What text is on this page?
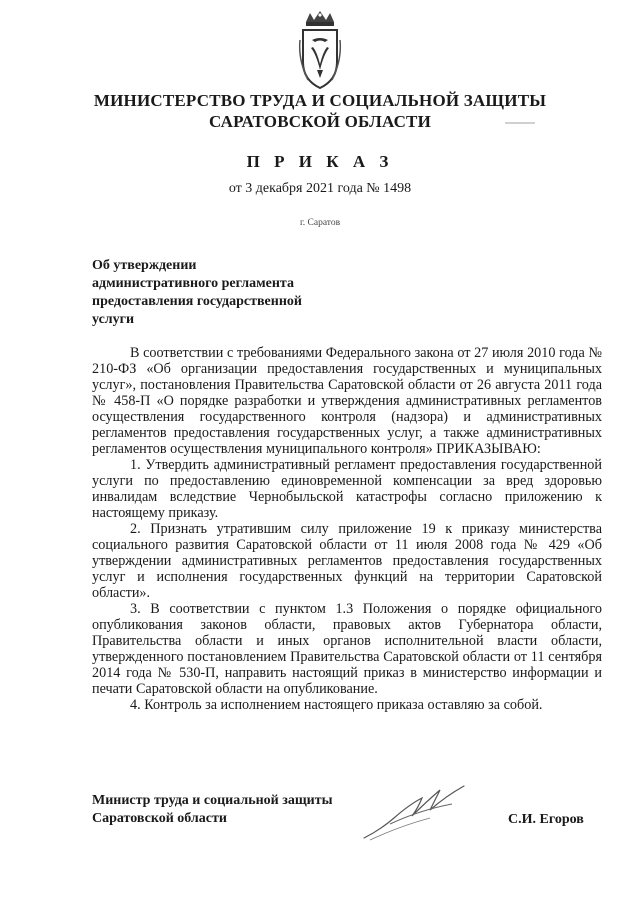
МИНИСТЕРСТВО ТРУДА И СОЦИАЛЬНОЙ ЗАЩИТЫ
САРАТОВСКОЙ ОБЛАСТИ
П Р И К А З
от 3 декабря 2021 года № 1498
г. Саратов
Об утверждении
административного регламента
предоставления государственной
услуги

В соответствии с требованиями Федерального закона от 27 июля 2010 года № 210-ФЗ «Об организации предоставления государственных и муниципальных услуг», постановления Правительства Саратовской области от 26 августа 2011 года № 458-П «О порядке разработки и утверждения административных регламентов осуществления государственного контроля (надзора) и административных регламентов предоставления государственных услуг, а также административных регламентов осуществления муниципального контроля» ПРИКАЗЫВАЮ:

1. Утвердить административный регламент предоставления государственной услуги по предоставлению единовременной компенсации за вред здоровью инвалидам вследствие Чернобыльской катастрофы согласно приложению к настоящему приказу.

2. Признать утратившим силу приложение 19 к приказу министерства социального развития Саратовской области от 11 июля 2008 года № 429 «Об утверждении административных регламентов предоставления государственных услуг и исполнения государственных функций на территории Саратовской области».

3. В соответствии с пунктом 1.3 Положения о порядке официального опубликования законов области, правовых актов Губернатора области, Правительства области и иных органов исполнительной власти области, утвержденного постановлением Правительства Саратовской области от 11 сентября 2014 года № 530-П, направить настоящий приказ в министерство информации и печати Саратовской области на опубликование.

4. Контроль за исполнением настоящего приказа оставляю за собой.

Министр труда и социальной защиты
Саратовской области	С.И. Егоров
